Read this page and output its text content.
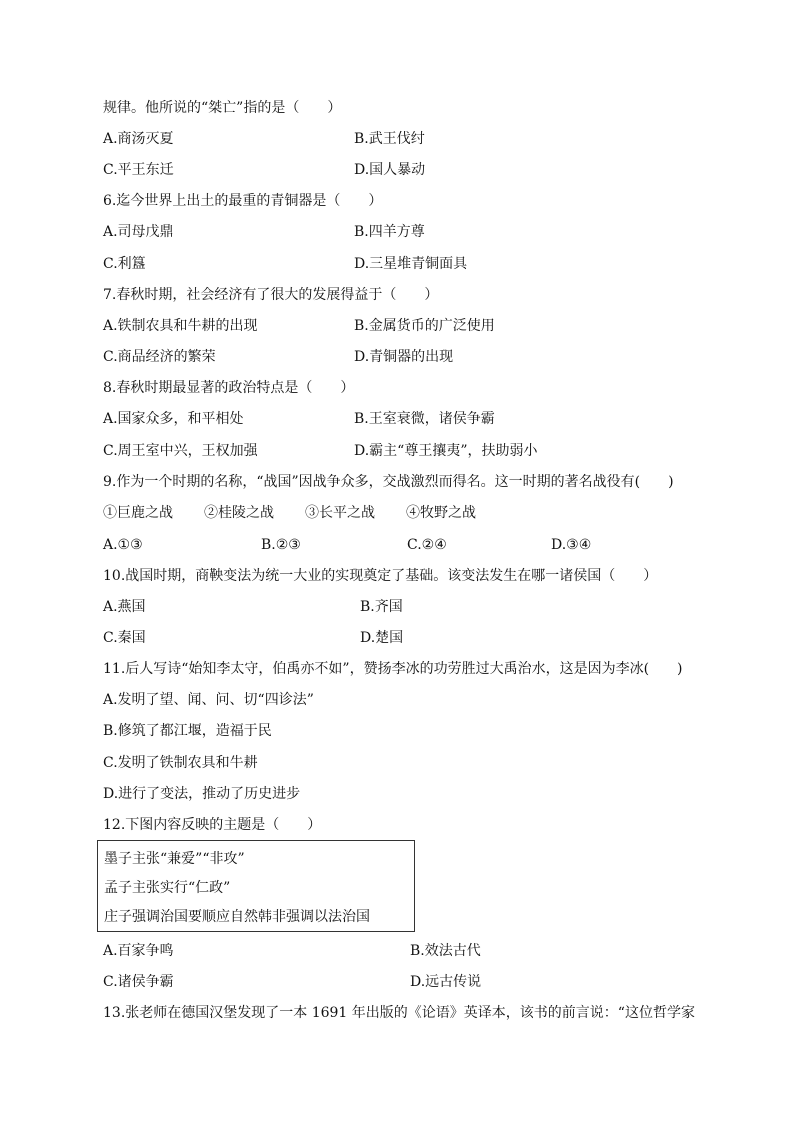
规律。他所说的“桀亡”指的是（　　）
A.商汤灭夏	B.武王伐纣
C.平王东迁	D.国人暴动
6.迄今世界上出土的最重的青铜器是（　　）
A.司母戊鼎	B.四羊方尊
C.利簋	D.三星堆青铜面具
7.春秋时期，社会经济有了很大的发展得益于（　　）
A.铁制农具和牛耕的出现	B.金属货币的广泛使用
C.商品经济的繁荣	D.青铜器的出现
8.春秋时期最显著的政治特点是（　　）
A.国家众多，和平相处	B.王室衰微，诸侯争霸
C.周王室中兴，王权加强	D.霸主“尊王攘夷”，扶助弱小
9.作为一个时期的名称，“战国”因战争众多，交战激烈而得名。这一时期的著名战役有(　　)
①巨鹿之战 ②桂陵之战 ③长平之战 ④牧野之战
A.①③	B.②③	C.②④	D.③④
10.战国时期，商鞅变法为统一大业的实现奠定了基础。该变法发生在哪一诸侯国（　　）
A.燕国	B.齐国
C.秦国	D.楚国
11.后人写诗“始知李太守，伯禹亦不如”，赞扬李冰的功劳胜过大禹治水，这是因为李冰(　　)
A.发明了望、闻、问、切“四诊法”
B.修筑了都江堰，造福于民
C.发明了铁制农具和牛耕
D.进行了变法，推动了历史进步
12.下图内容反映的主题是（　　）
墨子主张“兼爱”“非攻”
孟子主张实行“仁政”
庄子强调治国要顺应自然韩非强调以法治国
A.百家争鸣	B.效法古代
C.诸侯争霸	D.远古传说
13.张老师在德国汉堡发现了一本 1691 年出版的《论语》英译本，该书的前言说：“这位哲学家
